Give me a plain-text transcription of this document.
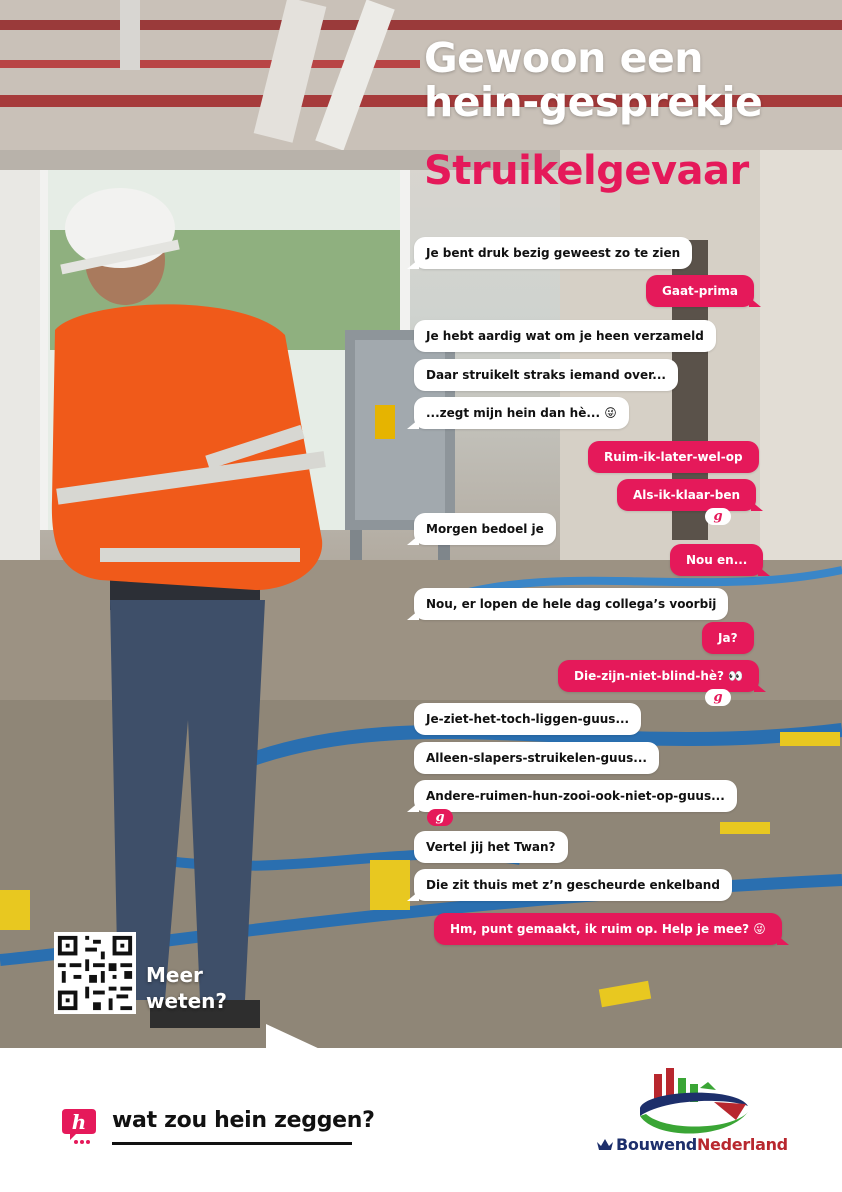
Gewoon een
hein-gesprekje
Struikelgevaar
Je bent druk bezig geweest zo te zien
Gaat-prima
Je hebt aardig wat om je heen verzameld
Daar struikelt straks iemand over...
...zegt mijn hein dan hè... 😜
Ruim-ik-later-wel-op
Als-ik-klaar-ben
g
Morgen bedoel je
Nou en...
Nou, er lopen de hele dag collega’s voorbij
Ja?
Die-zijn-niet-blind-hè? 👀
g
Je-ziet-het-toch-liggen-guus...
Alleen-slapers-struikelen-guus...
Andere-ruimen-hun-zooi-ook-niet-op-guus...
g
Vertel jij het Twan?
Die zit thuis met z’n gescheurde enkelband
Hm, punt gemaakt, ik ruim op. Help je mee? 😜
Meer
weten?
h wat zou hein zeggen?
BouwendNederland
